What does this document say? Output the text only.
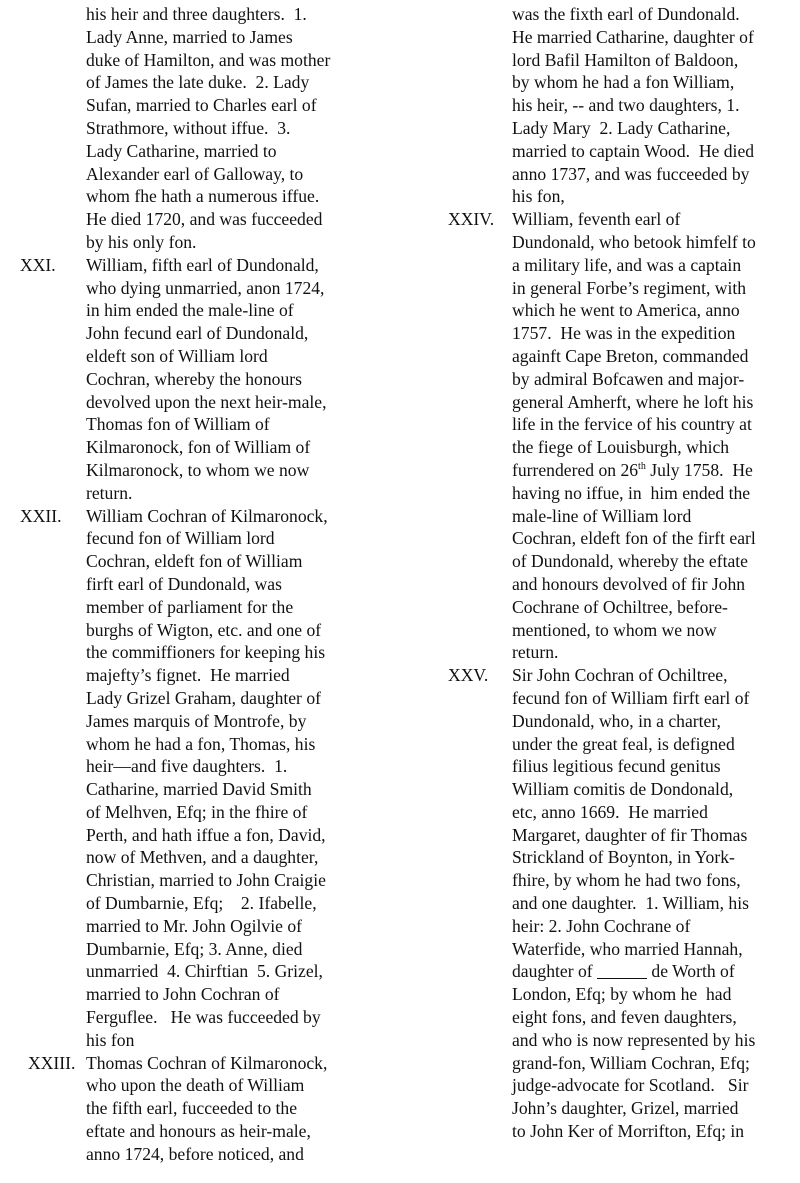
his heir and three daughters.  1.
Lady Anne, married to James
duke of Hamilton, and was mother
of James the late duke.  2. Lady
Sufan, married to Charles earl of
Strathmore, without iffue.  3.
Lady Catharine, married to
Alexander earl of Galloway, to
whom fhe hath a numerous iffue.
He died 1720, and was fucceeded
by his only fon.
XXI.	William, fifth earl of Dundonald,
who dying unmarried, anon 1724,
in him ended the male-line of
John fecund earl of Dundonald,
eldeft son of William lord
Cochran, whereby the honours
devolved upon the next heir-male,
Thomas fon of William of
Kilmaronock, fon of William of
Kilmaronock, to whom we now
return.
XXII.	William Cochran of Kilmaronock,
fecund fon of William lord
Cochran, eldeft fon of William
firft earl of Dundonald, was
member of parliament for the
burghs of Wigton, etc. and one of
the commiffioners for keeping his
majefty’s fignet.  He married
Lady Grizel Graham, daughter of
James marquis of Montrofe, by
whom he had a fon, Thomas, his
heir—and five daughters.  1.
Catharine, married David Smith
of Melhven, Efq; in the fhire of
Perth, and hath iffue a fon, David,
now of Methven, and a daughter,
Christian, married to John Craigie
of Dumbarnie, Efq;    2. Ifabelle,
married to Mr. John Ogilvie of
Dumbarnie, Efq; 3. Anne, died
unmarried  4. Chirftian  5. Grizel,
married to John Cochran of
Ferguflee.   He was fucceeded by
his fon
XXIII. Thomas Cochran of Kilmaronock,
who upon the death of William
the fifth earl, fucceeded to the
eftate and honours as heir-male,
anno 1724, before noticed, and
was the fixth earl of Dundonald.
He married Catharine, daughter of
lord Bafil Hamilton of Baldoon,
by whom he had a fon William,
his heir, -- and two daughters, 1.
Lady Mary  2. Lady Catharine,
married to captain Wood.  He died
anno 1737, and was fucceeded by
his fon,
XXIV.	William, feventh earl of
Dundonald, who betook himfelf to
a military life, and was a captain
in general Forbe’s regiment, with
which he went to America, anno
1757.  He was in the expedition
againft Cape Breton, commanded
by admiral Bofcawen and major-
general Amherft, where he loft his
life in the fervice of his country at
the fiege of Louisburgh, which
furrendered on 26th July 1758.  He
having no iffue, in  him ended the
male-line of William lord
Cochran, eldeft fon of the firft earl
of Dundonald, whereby the eftate
and honours devolved of fir John
Cochrane of Ochiltree, before-
mentioned, to whom we now
return.
XXV.	Sir John Cochran of Ochiltree,
fecund fon of William firft earl of
Dundonald, who, in a charter,
under the great feal, is defigned
filius legitious fecund genitus
William comitis de Dondonald,
etc, anno 1669.  He married
Margaret, daughter of fir Thomas
Strickland of Boynton, in York-
fhire, by whom he had two fons,
and one daughter.  1. William, his
heir: 2. John Cochrane of
Waterfide, who married Hannah,
daughter of	de Worth of
London, Efq; by whom he  had
eight fons, and feven daughters,
and who is now represented by his
grand-fon, William Cochran, Efq;
judge-advocate for Scotland.   Sir
John’s daughter, Grizel, married
to John Ker of Morrifton, Efq; in
